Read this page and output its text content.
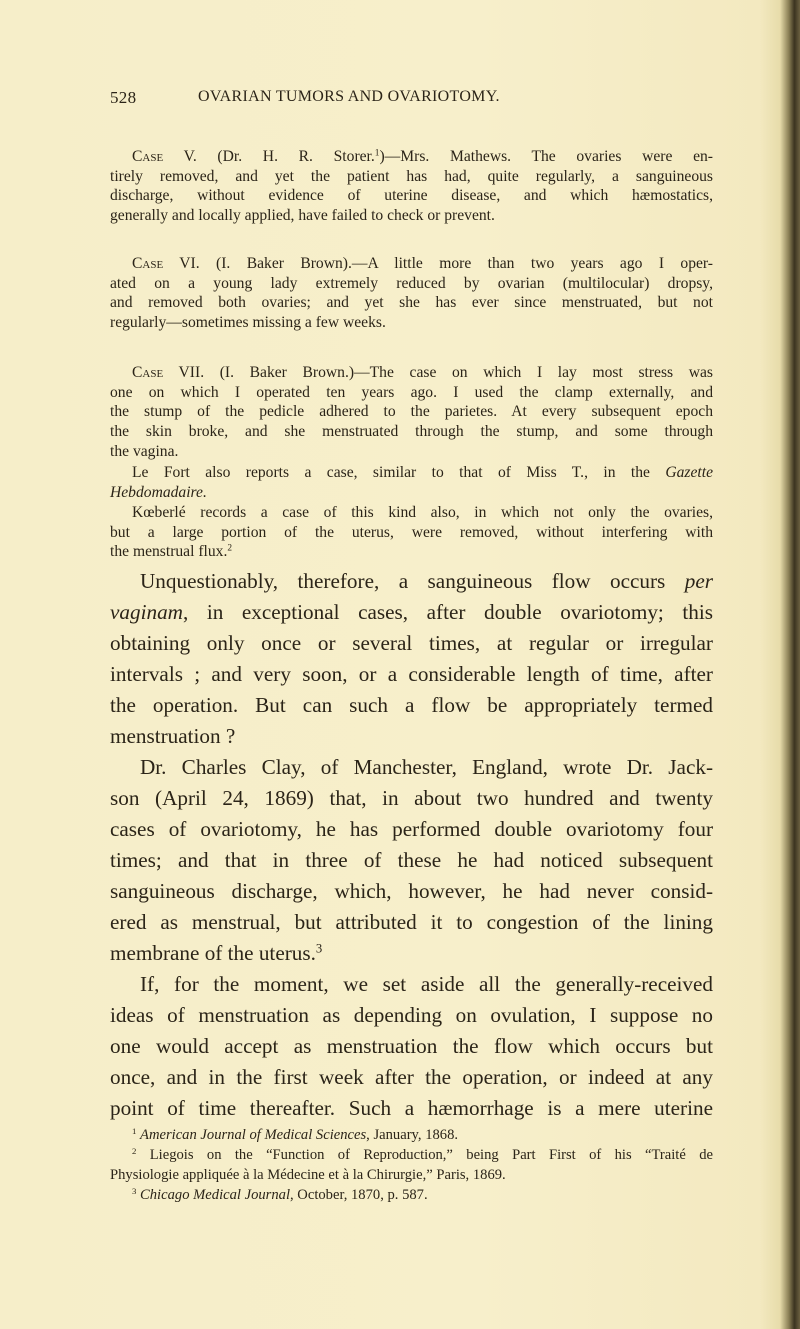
528	OVARIAN TUMORS AND OVARIOTOMY.
Case V. (Dr. H. R. Storer.$^1$)—Mrs. Mathews. The ovaries were en-
tirely removed, and yet the patient has had, quite regularly, a sanguineous
discharge, without evidence of uterine disease, and which hæmostatics,
generally and locally applied, have failed to check or prevent.
Case VI. (I. Baker Brown).—A little more than two years ago I oper-
ated on a young lady extremely reduced by ovarian (multilocular) dropsy,
and removed both ovaries; and yet she has ever since menstruated, but not
regularly—sometimes missing a few weeks.
Case VII. (I. Baker Brown.)—The case on which I lay most stress was
one on which I operated ten years ago. I used the clamp externally, and
the stump of the pedicle adhered to the parietes. At every subsequent epoch
the skin broke, and she menstruated through the stump, and some through
the vagina.
Le Fort also reports a case, similar to that of Miss T., in the Gazette
Hebdomadaire.
Kœberlé records a case of this kind also, in which not only the ovaries,
but a large portion of the uterus, were removed, without interfering with
the menstrual flux.$^2$
Unquestionably, therefore, a sanguineous flow occurs per
vaginam, in exceptional cases, after double ovariotomy; this
obtaining only once or several times, at regular or irregular
intervals ; and very soon, or a considerable length of time, after
the operation. But can such a flow be appropriately termed
menstruation ?
Dr. Charles Clay, of Manchester, England, wrote Dr. Jack-
son (April 24, 1869) that, in about two hundred and twenty
cases of ovariotomy, he has performed double ovariotomy four
times; and that in three of these he had noticed subsequent
sanguineous discharge, which, however, he had never consid-
ered as menstrual, but attributed it to congestion of the lining
membrane of the uterus.$^3$
If, for the moment, we set aside all the generally-received
ideas of menstruation as depending on ovulation, I suppose no
one would accept as menstruation the flow which occurs but
once, and in the first week after the operation, or indeed at any
point of time thereafter. Such a hæmorrhage is a mere uterine
$^1$ American Journal of Medical Sciences, January, 1868.
$^2$ Liegois on the “Function of Reproduction,” being Part First of his “Traité de
Physiologie appliquée à la Médecine et à la Chirurgie,” Paris, 1869.
$^3$ Chicago Medical Journal, October, 1870, p. 587.
